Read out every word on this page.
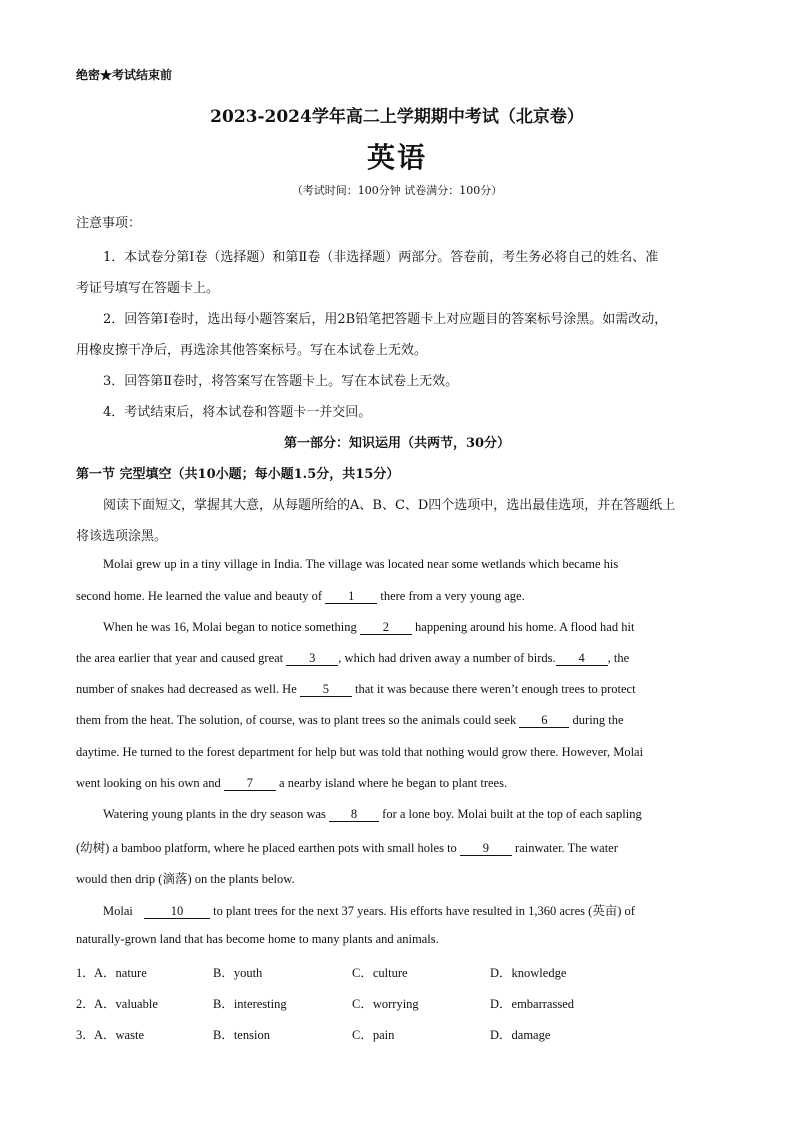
绝密★考试结束前
2023-2024学年高二上学期期中考试（北京卷）
英语
（考试时间：100分钟 试卷满分：100分）
注意事项：
1．本试卷分第Ⅰ卷（选择题）和第Ⅱ卷（非选择题）两部分。答卷前，考生务必将自己的姓名、准
考证号填写在答题卡上。
2．回答第Ⅰ卷时，选出每小题答案后，用2B铅笔把答题卡上对应题目的答案标号涂黑。如需改动，
用橡皮擦干净后，再选涂其他答案标号。写在本试卷上无效。
3．回答第Ⅱ卷时，将答案写在答题卡上。写在本试卷上无效。
4．考试结束后，将本试卷和答题卡一并交回。
第一部分：知识运用（共两节，30分）
第一节 完型填空（共10小题；每小题1.5分，共15分）
阅读下面短文，掌握其大意，从每题所给的A、B、C、D四个选项中，选出最佳选项，并在答题纸上
将该选项涂黑。
Molai grew up in a tiny village in India. The village was located near some wetlands which became his
second home. He learned the value and beauty of 1 there from a very young age.
When he was 16, Molai began to notice something 2 happening around his home. A flood had hit
the area earlier that year and caused great 3 , which had driven away a number of birds. 4 , the
number of snakes had decreased as well. He 5 that it was because there weren’t enough trees to protect
them from the heat. The solution, of course, was to plant trees so the animals could seek 6 during the
daytime. He turned to the forest department for help but was told that nothing would grow there. However, Molai
went looking on his own and 7 a nearby island where he began to plant trees.
Watering young plants in the dry season was 8 for a lone boy. Molai built at the top of each sapling
(幼树) a bamboo platform, where he placed earthen pots with small holes to 9 rainwater. The water
would then drip (滴落) on the plants below.
Molai	10 to plant trees for the next 37 years. His efforts have resulted in 1,360 acres (英亩) of
naturally-grown land that has become home to many plants and animals.
1． A．nature	B．youth	C．culture	D．knowledge
2． A．valuable	B．interesting	C．worrying	D．embarrassed
3． A．waste	B．tension	C．pain	D．damage
